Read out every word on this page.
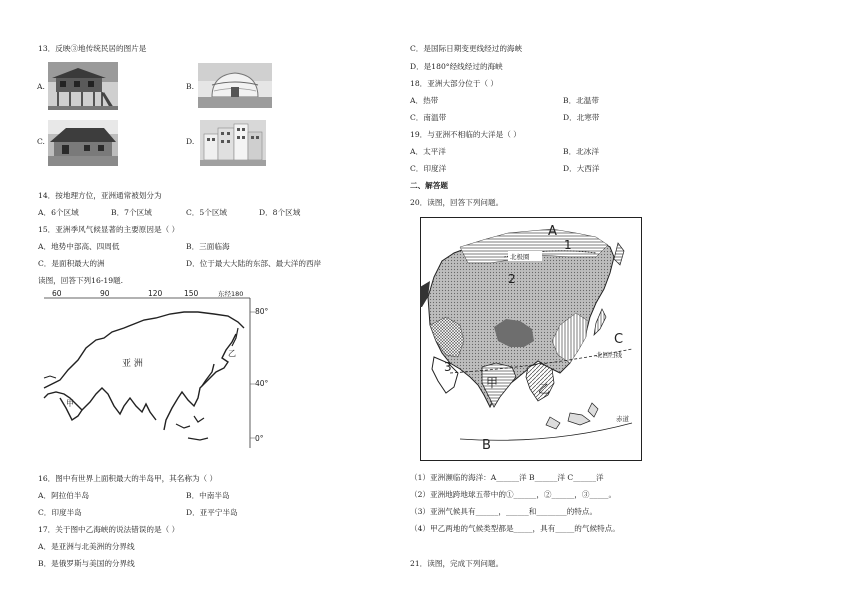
13．反映③地传统民居的图片是
A.	B.
C.	D.
14．按地理方位，亚洲通常被划分为
A．6个区域	B．7个区域	C．5个区域	D．8个区域
15．亚洲季风气候显著的主要原因是（ ）
A．地势中部高、四周低	B．三面临海
C．是面积最大的洲	D．位于最大大陆的东部、最大洋的西岸
读图，回答下列16-19题.
60	90	120	150	东经180
80°
40°
0°
亚 洲
甲
乙
16．图中有世界上面积最大的半岛甲，其名称为（ ）
A．阿拉伯半岛	B．中南半岛
C．印度半岛	D．亚平宁半岛
17．关于图中乙海峡的说法错误的是（ ）
A．是亚洲与北美洲的分界线
B．是俄罗斯与美国的分界线
C．是国际日期变更线经过的海峡
D．是180°经线经过的海峡
18．亚洲大部分位于（ ）
A．热带	B．北温带
C．南温带	D．北寒带
19．与亚洲不相临的大洋是（ ）
A．太平洋	B．北冰洋
C．印度洋	D．大西洋
二、解答题
20．读图，回答下列问题。
北极圈
北回归线
赤道
A
B
C
1
2
3
甲	乙
（1）亚洲濒临的海洋：A______洋 B______洋 C______洋
（2）亚洲地跨地球五带中的①______，②______，③_____。
（3）亚洲气候具有______，______和________的特点。
（4）甲乙两地的气候类型都是_____，具有_____的气候特点。
21．读图，完成下列问题。
